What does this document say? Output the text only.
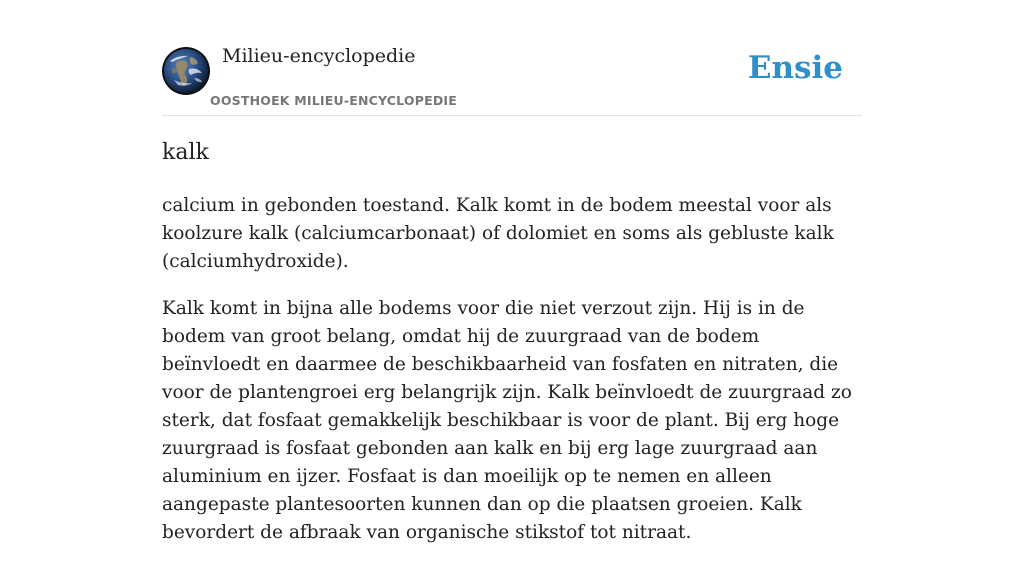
Milieu-encyclopedie
OOSTHOEK MILIEU-ENCYCLOPEDIE
Ensie
kalk

calcium in gebonden toestand. Kalk komt in de bodem meestal voor als koolzure kalk (calciumcarbonaat) of dolomiet en soms als gebluste kalk (calciumhydroxide).

Kalk komt in bijna alle bodems voor die niet verzout zijn. Hij is in de bodem van groot belang, omdat hij de zuurgraad van de bodem beïnvloedt en daarmee de beschikbaarheid van fosfaten en nitraten, die voor de plantengroei erg belangrijk zijn. Kalk beïnvloedt de zuurgraad zo sterk, dat fosfaat gemakkelijk beschikbaar is voor de plant. Bij erg hoge zuurgraad is fosfaat gebonden aan kalk en bij erg lage zuurgraad aan aluminium en ijzer. Fosfaat is dan moeilijk op te nemen en alleen aangepaste plantesoorten kunnen dan op die plaatsen groeien. Kalk bevordert de afbraak van organische stikstof tot nitraat.
